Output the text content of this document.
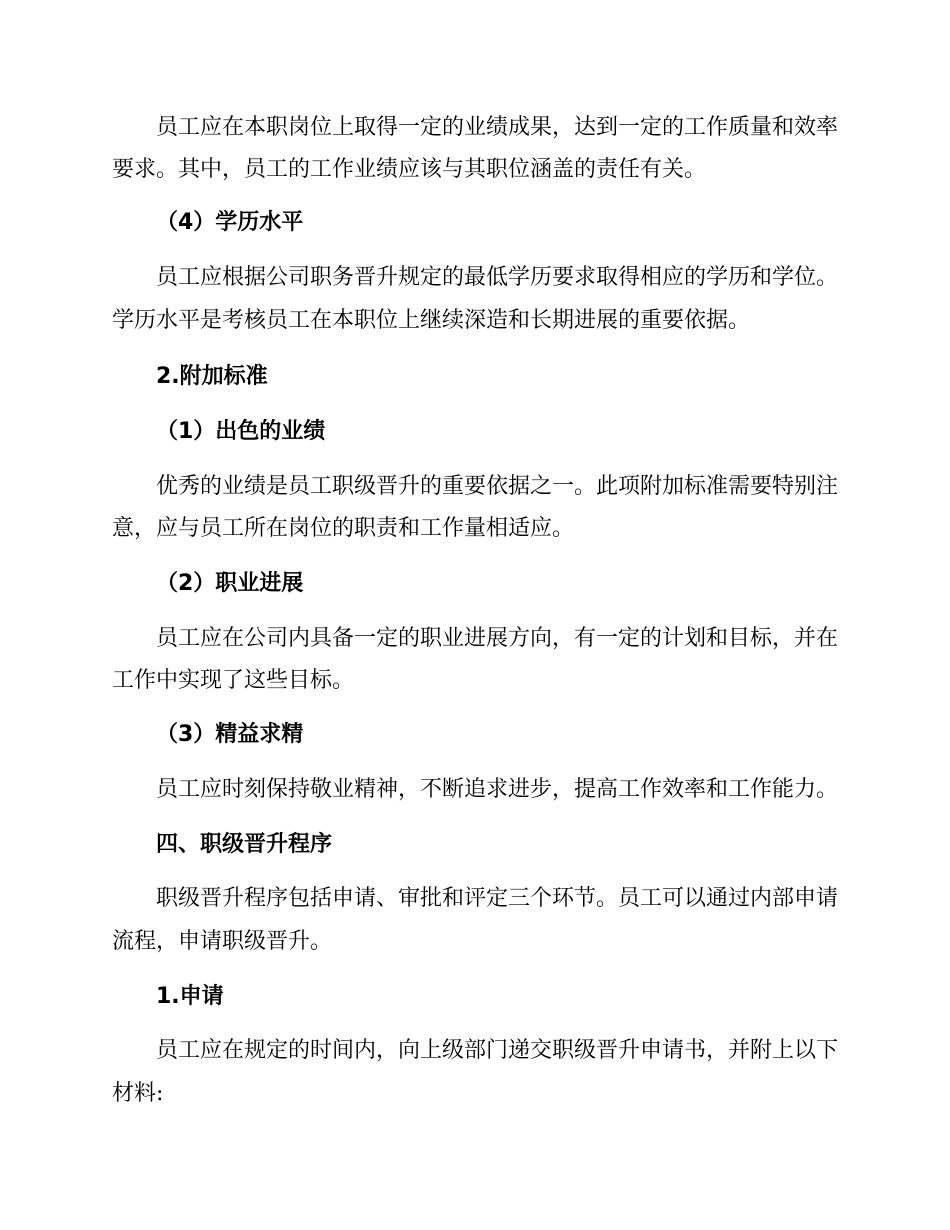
员工应在本职岗位上取得一定的业绩成果，达到一定的工作质量和效率
要求。其中，员工的工作业绩应该与其职位涵盖的责任有关。
（4）学历水平
员工应根据公司职务晋升规定的最低学历要求取得相应的学历和学位。
学历水平是考核员工在本职位上继续深造和长期进展的重要依据。
2.附加标准
（1）出色的业绩
优秀的业绩是员工职级晋升的重要依据之一。此项附加标准需要特别注
意，应与员工所在岗位的职责和工作量相适应。
（2）职业进展
员工应在公司内具备一定的职业进展方向，有一定的计划和目标，并在
工作中实现了这些目标。
（3）精益求精
员工应时刻保持敬业精神，不断追求进步，提高工作效率和工作能力。
四、职级晋升程序
职级晋升程序包括申请、审批和评定三个环节。员工可以通过内部申请
流程，申请职级晋升。
1.申请
员工应在规定的时间内，向上级部门递交职级晋升申请书，并附上以下
材料:
